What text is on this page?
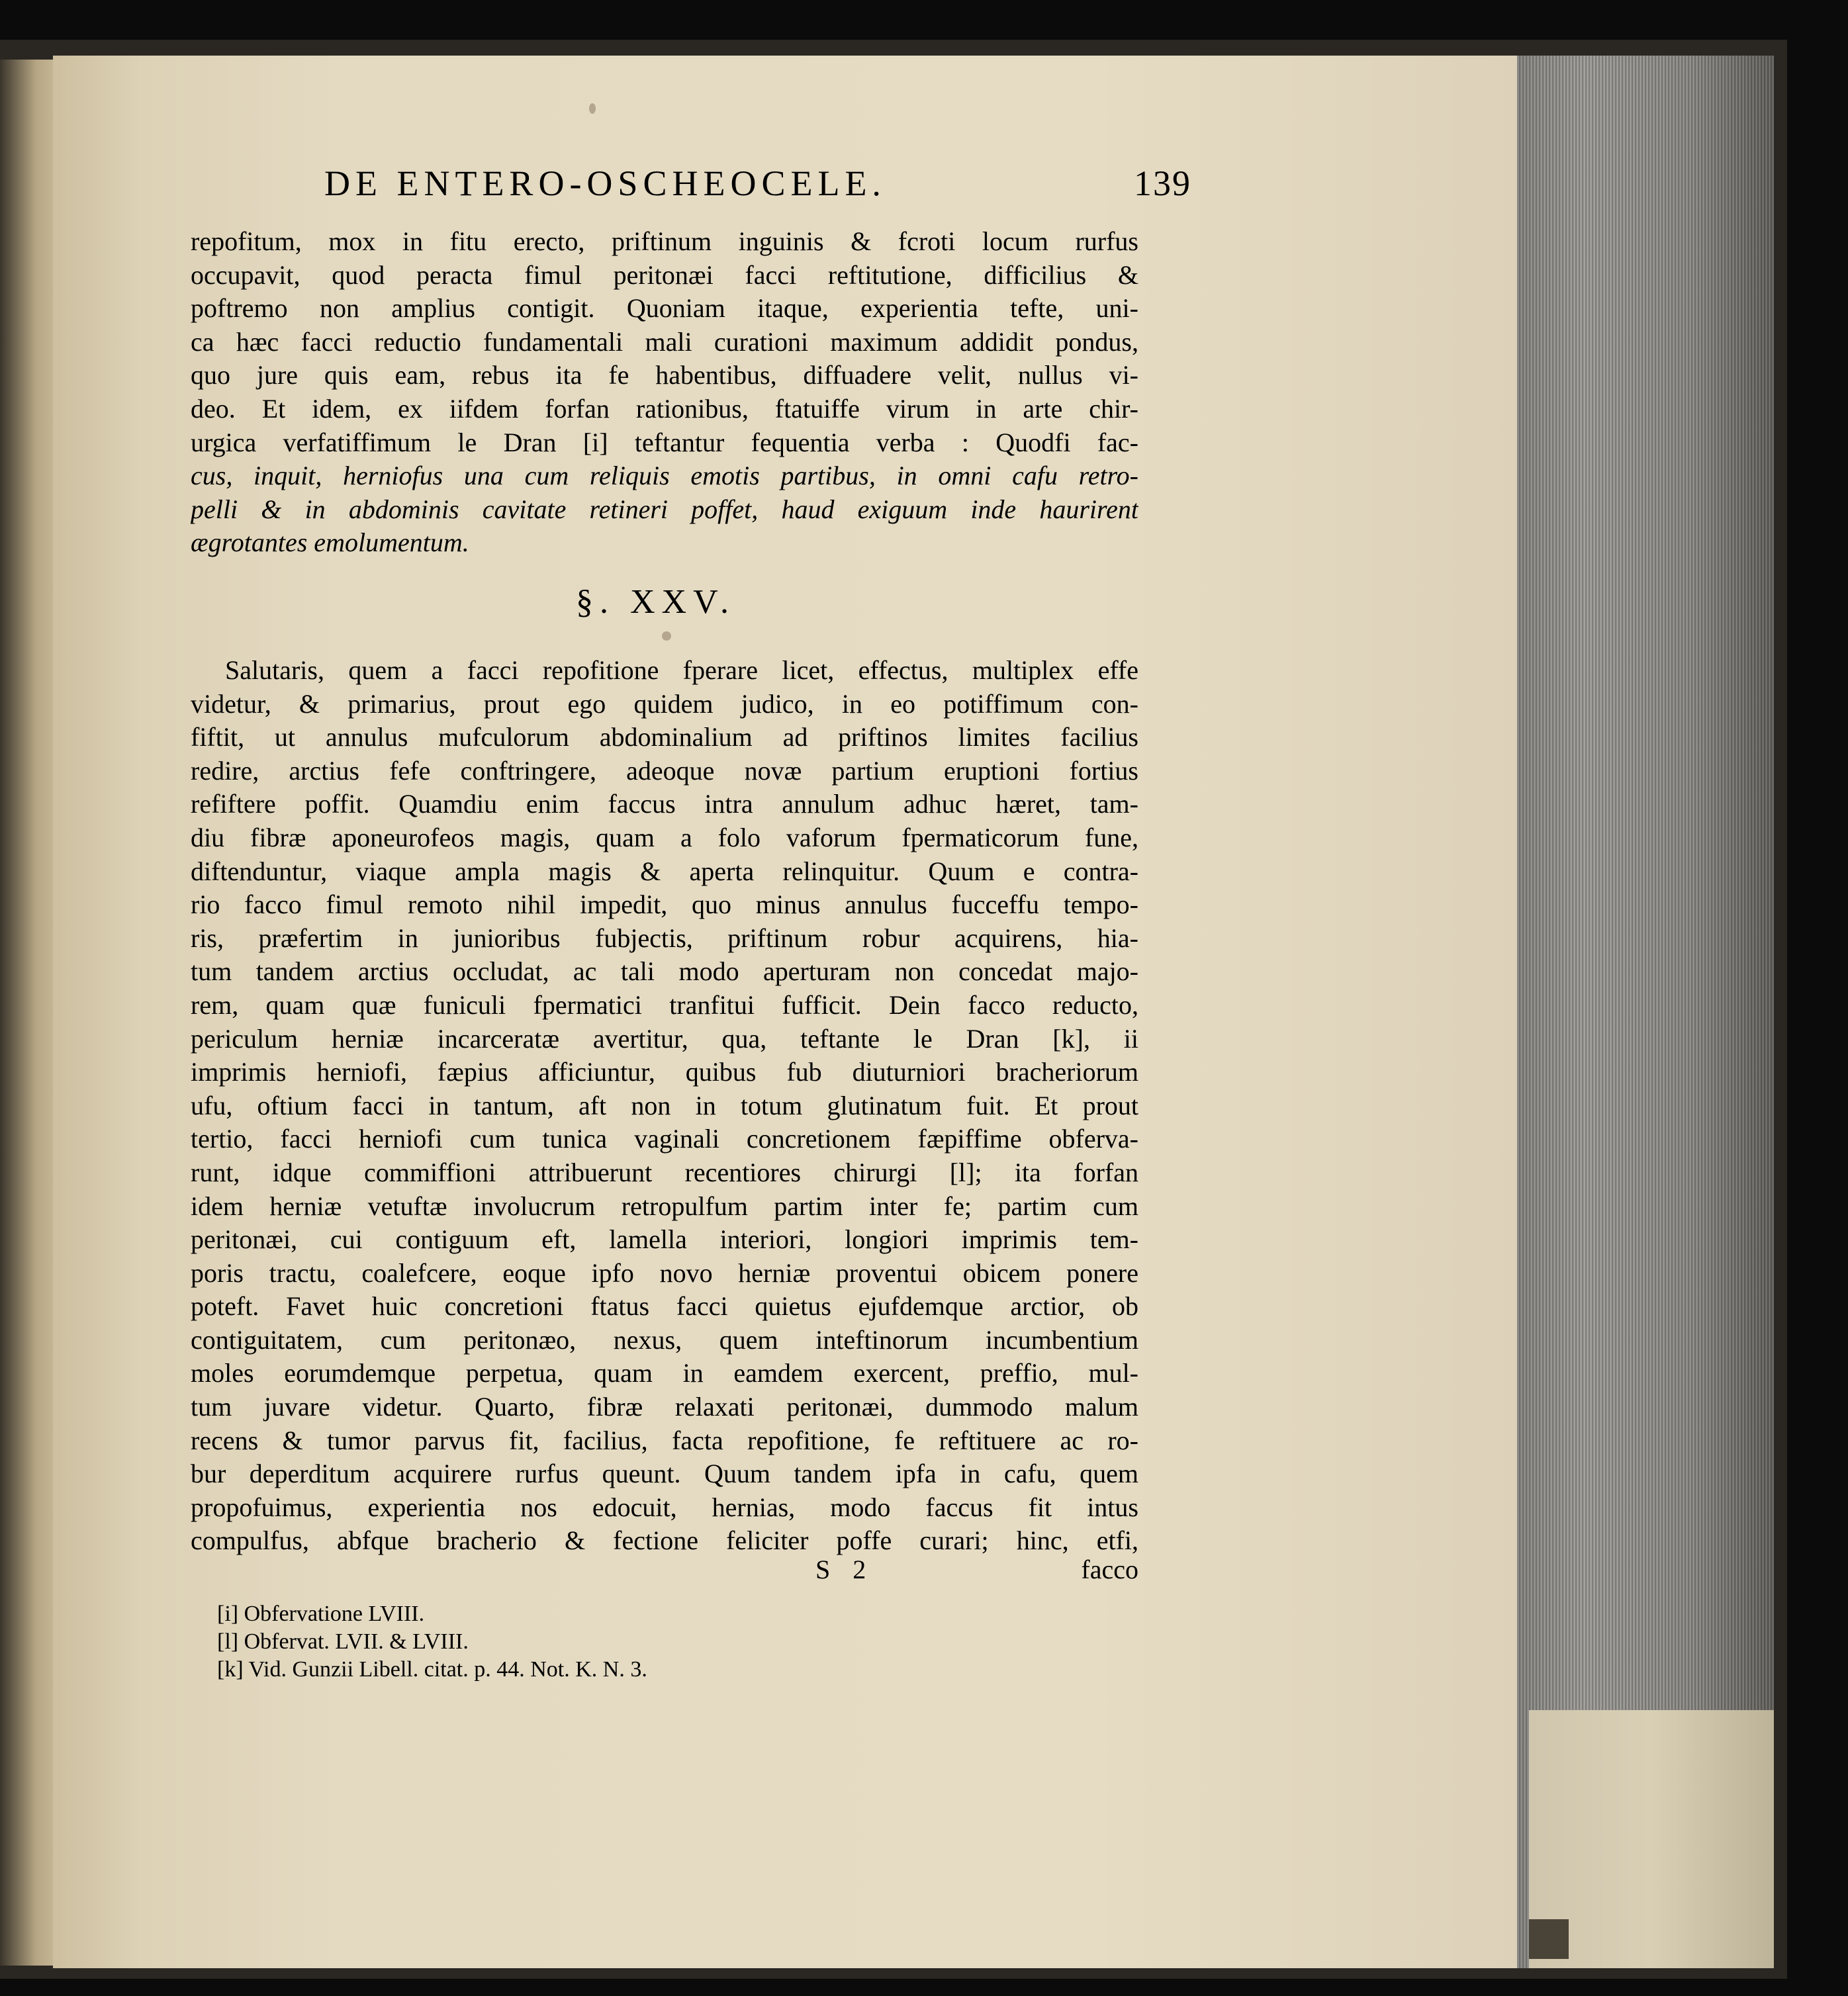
DE ENTERO-OSCHEOCELE.	139
repofitum, mox in fitu erecto, priftinum inguinis & fcroti locum rurfus
occupavit, quod peracta fimul peritonæi facci reftitutione, difficilius &
poftremo non amplius contigit. Quoniam itaque, experientia tefte, uni-
ca hæc facci reductio fundamentali mali curationi maximum addidit pondus,
quo jure quis eam, rebus ita fe habentibus, diffuadere velit, nullus vi-
deo. Et idem, ex iifdem forfan rationibus, ftatuiffe virum in arte chir-
urgica verfatiffimum le Dran [i] teftantur fequentia verba : Quodfi fac-
cus, inquit, herniofus una cum reliquis emotis partibus, in omni cafu retro-
pelli & in abdominis cavitate retineri poffet, haud exiguum inde haurirent
ægrotantes emolumentum.
§. XXV.
Salutaris, quem a facci repofitione fperare licet, effectus, multiplex effe
videtur, & primarius, prout ego quidem judico, in eo potiffimum con-
fiftit, ut annulus mufculorum abdominalium ad priftinos limites facilius
redire, arctius fefe conftringere, adeoque novæ partium eruptioni fortius
refiftere poffit. Quamdiu enim faccus intra annulum adhuc hæret, tam-
diu fibræ aponeurofeos magis, quam a folo vaforum fpermaticorum fune,
diftenduntur, viaque ampla magis & aperta relinquitur. Quum e contra-
rio facco fimul remoto nihil impedit, quo minus annulus fucceffu tempo-
ris, præfertim in junioribus fubjectis, priftinum robur acquirens, hia-
tum tandem arctius occludat, ac tali modo aperturam non concedat majo-
rem, quam quæ funiculi fpermatici tranfitui fufficit. Dein facco reducto,
periculum herniæ incarceratæ avertitur, qua, teftante le Dran [k], ii
imprimis herniofi, fæpius afficiuntur, quibus fub diuturniori bracheriorum
ufu, oftium facci in tantum, aft non in totum glutinatum fuit. Et prout
tertio, facci herniofi cum tunica vaginali concretionem fæpiffime obferva-
runt, idque commiffioni attribuerunt recentiores chirurgi [l]; ita forfan
idem herniæ vetuftæ involucrum retropulfum partim inter fe; partim cum
peritonæi, cui contiguum eft, lamella interiori, longiori imprimis tem-
poris tractu, coalefcere, eoque ipfo novo herniæ proventui obicem ponere
poteft. Favet huic concretioni ftatus facci quietus ejufdemque arctior, ob
contiguitatem, cum peritonæo, nexus, quem inteftinorum incumbentium
moles eorumdemque perpetua, quam in eamdem exercent, preffio, mul-
tum juvare videtur. Quarto, fibræ relaxati peritonæi, dummodo malum
recens & tumor parvus fit, facilius, facta repofitione, fe reftituere ac ro-
bur deperditum acquirere rurfus queunt. Quum tandem ipfa in cafu, quem
propofuimus, experientia nos edocuit, hernias, modo faccus fit intus
compulfus, abfque bracherio & fectione feliciter poffe curari; hinc, etfi,
S 2	facco
[i] Obfervatione LVIII.
[l] Obfervat. LVII. & LVIII.
[k] Vid. Gunzii Libell. citat. p. 44. Not. K. N. 3.
